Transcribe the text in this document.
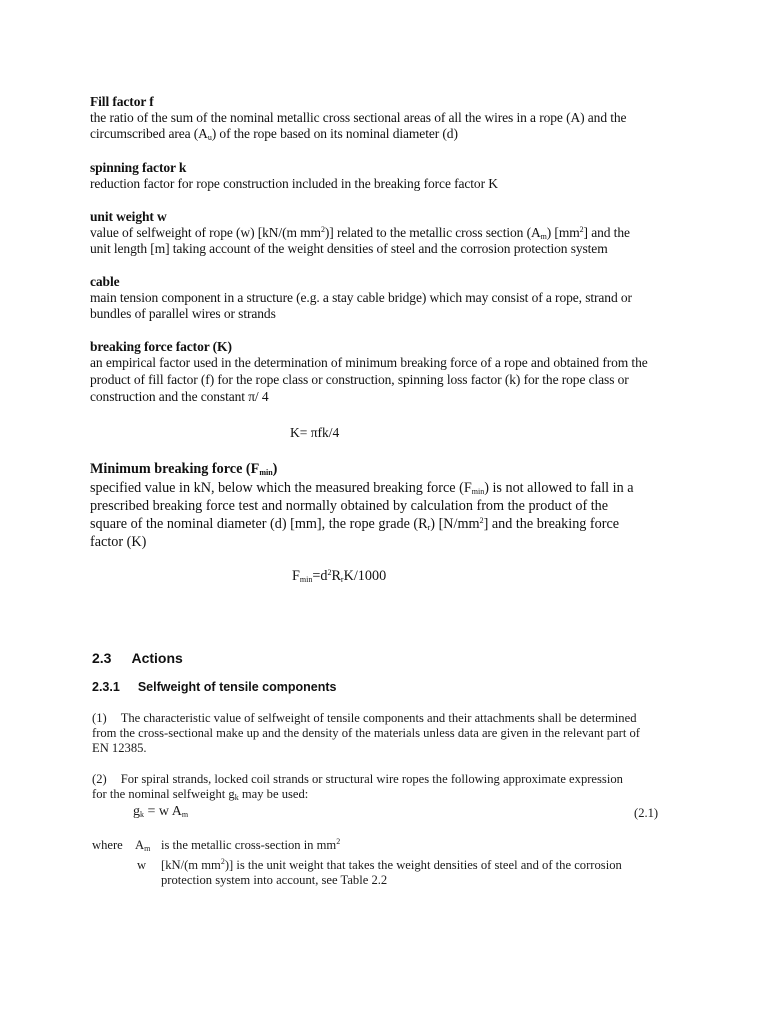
Fill factor f
the ratio of the sum of the nominal metallic cross sectional areas of all the wires in a rope (A) and the
circumscribed area $(A_u)$ of the rope based on its nominal diameter (d)
spinning factor k
reduction factor for rope construction included in the breaking force factor K
unit weight w
value of selfweight of rope (w) [kN/(m $mm^2$)] related to the metallic cross section $(A_m)$ $[mm^2]$ and the
unit length [m] taking account of the weight densities of steel and the corrosion protection system
cable
main tension component in a structure (e.g. a stay cable bridge) which may consist of a rope, strand or
bundles of parallel wires or strands
breaking force factor (K)
an empirical factor used in the determination of minimum breaking force of a rope and obtained from the
product of fill factor (f) for the rope class or construction, spinning loss factor (k) for the rope class or
construction and the constant π/ 4
K= πfk/4
Minimum breaking force $(F_{min})$
specified value in kN, below which the measured breaking force $(F_{min})$ is not allowed to fall in a
prescribed breaking force test and normally obtained by calculation from the product of the
square of the nominal diameter (d) [mm], the rope grade $(R_r)$ $[N/mm^2]$ and the breaking force
factor (K)
$F_{min}=d^2R_rK/1000$
2.3 Actions
2.3.1 Selfweight of tensile components
(1) The characteristic value of selfweight of tensile components and their attachments shall be determined
from the cross-sectional make up and the density of the materials unless data are given in the relevant part of
EN 12385.
(2) For spiral strands, locked coil strands or structural wire ropes the following approximate expression
for the nominal selfweight $g_k$ may be used:
$g_k = w$ $A_m$	(2.1)
where $A_m$ is the metallic cross-section in $mm^2$
w [kN/(m $mm^2$)] is the unit weight that takes the weight densities of steel and of the corrosion
protection system into account, see Table 2.2
